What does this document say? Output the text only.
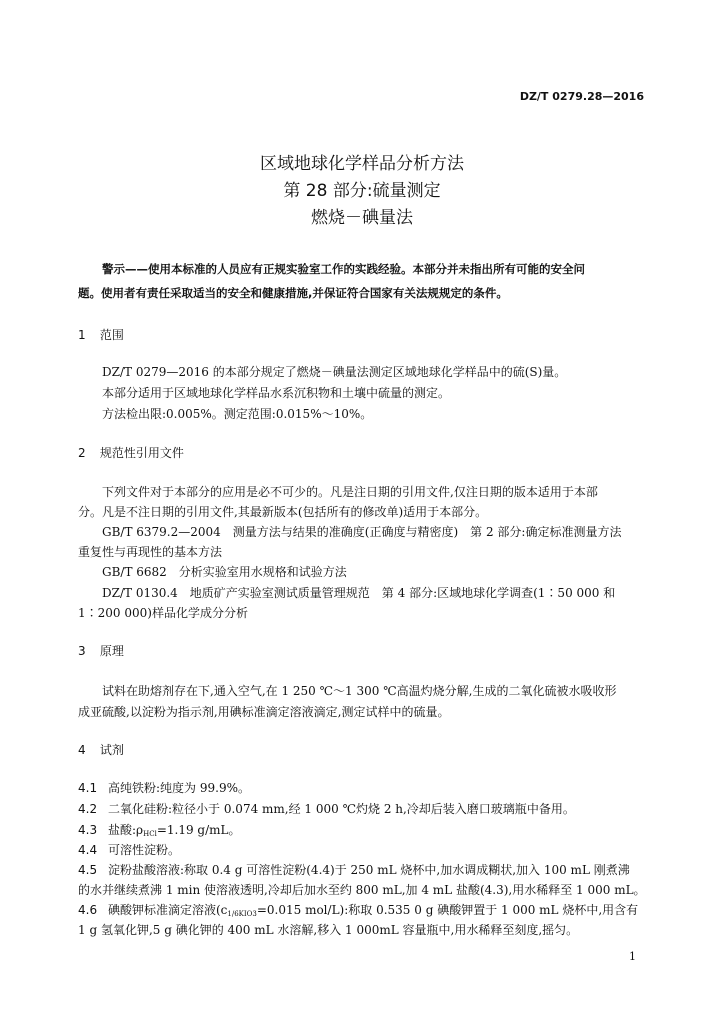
DZ/T 0279.28—2016
区域地球化学样品分析方法
第 28 部分:硫量测定
燃烧－碘量法

警示——使用本标准的人员应有正规实验室工作的实践经验。本部分并未指出所有可能的安全问

题。使用者有责任采取适当的安全和健康措施,并保证符合国家有关法规规定的条件。

1 范围

DZ/T 0279—2016 的本部分规定了燃烧－碘量法测定区域地球化学样品中的硫(S)量。

本部分适用于区域地球化学样品水系沉积物和土壤中硫量的测定。

方法检出限:0.005%。测定范围:0.015%～10%。

2 规范性引用文件

下列文件对于本部分的应用是必不可少的。凡是注日期的引用文件,仅注日期的版本适用于本部

分。凡是不注日期的引用文件,其最新版本(包括所有的修改单)适用于本部分。

GB/T 6379.2—2004　测量方法与结果的准确度(正确度与精密度)　第 2 部分:确定标准测量方法

重复性与再现性的基本方法

GB/T 6682　分析实验室用水规格和试验方法

DZ/T 0130.4　地质矿产实验室测试质量管理规范　第 4 部分:区域地球化学调查(1∶50 000 和

1∶200 000)样品化学成分分析

3 原理

试料在助熔剂存在下,通入空气,在 1 250 ℃～1 300 ℃高温灼烧分解,生成的二氧化硫被水吸收形

成亚硫酸,以淀粉为指示剂,用碘标准滴定溶液滴定,测定试样中的硫量。

4 试剂

4.1 高纯铁粉:纯度为 99.9%。

4.2 二氧化硅粉:粒径小于 0.074 mm,经 1 000 ℃灼烧 2 h,冷却后装入磨口玻璃瓶中备用。

4.3 盐酸$:\rho_{HCl}=1.19$ g/mL。

4.4 可溶性淀粉。

4.5 淀粉盐酸溶液:称取 0.4 g 可溶性淀粉(4.4)于 250 mL 烧杯中,加水调成糊状,加入 100 mL 刚煮沸

的水并继续煮沸 1 min 使溶液透明,冷却后加水至约 800 mL,加 4 mL 盐酸(4.3),用水稀释至 1 000 mL。

4.6 碘酸钾标准滴定溶液($c_{1/6KIO3}=0.015$ mol/L):称取 0.535 0 g 碘酸钾置于 1 000 mL 烧杯中,用含有

1 g 氢氧化钾,5 g 碘化钾的 400 mL 水溶解,移入 1 000mL 容量瓶中,用水稀释至刻度,摇匀。

1
